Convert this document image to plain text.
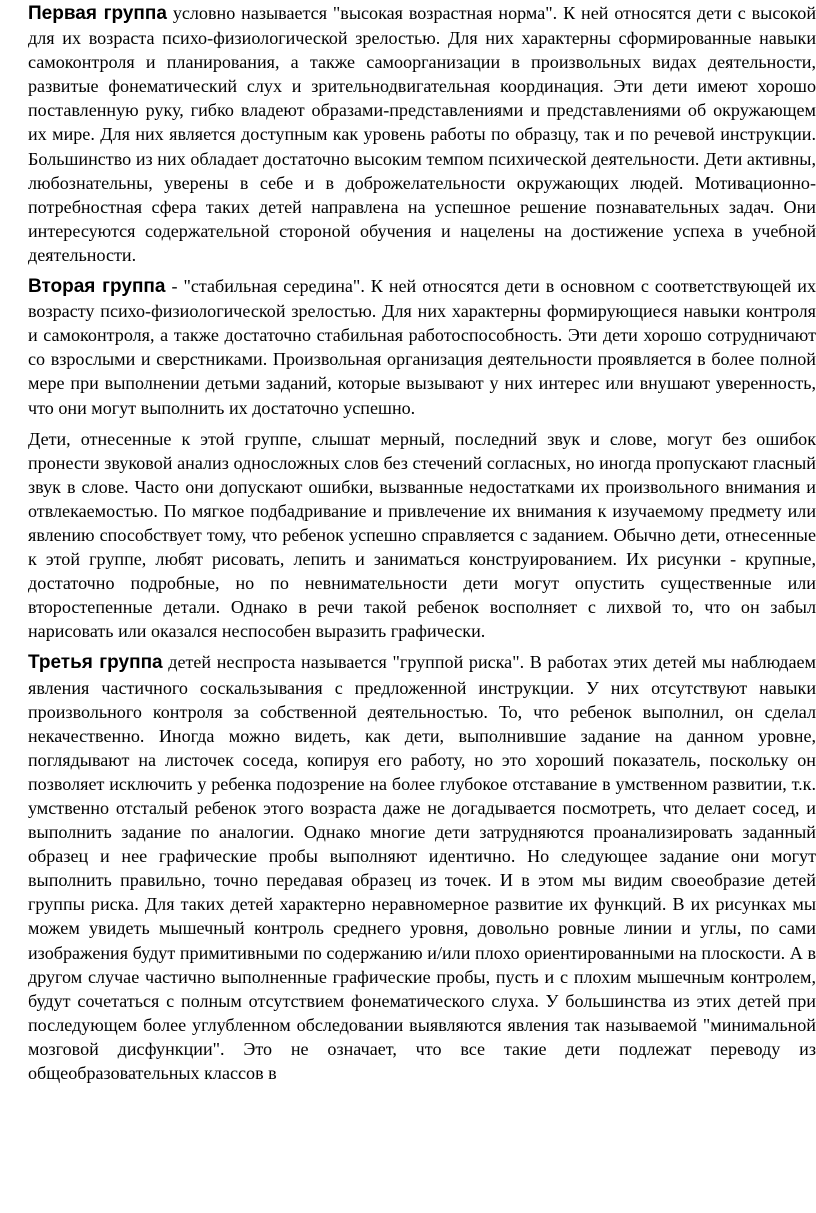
Первая группа условно называется "высокая возрастная норма". К ней относятся дети с высокой для их возраста психо-физиологической зрелостью. Для них характерны сформированные навыки самоконтроля и планирования, а также самоорганизации в произвольных видах деятельности, развитые фонематический слух и зрительнодвигательная координация. Эти дети имеют хорошо поставленную руку, гибко владеют образами-представлениями и представлениями об окружающем их мире. Для них является доступным как уровень работы по образцу, так и по речевой инструкции. Большинство из них обладает достаточно высоким темпом психической деятельности. Дети активны, любознательны, уверены в себе и в доброжелательности окружающих людей. Мотивационно-потребностная сфера таких детей направлена на успешное решение познавательных задач. Они интересуются содержательной стороной обучения и нацелены на достижение успеха в учебной деятельности.

Вторая группа - "стабильная середина". К ней относятся дети в основном с соответствующей их возрасту психо-физиологической зрелостью. Для них характерны формирующиеся навыки контроля и самоконтроля, а также достаточно стабильная работоспособность. Эти дети хорошо сотрудничают со взрослыми и сверстниками. Произвольная организация деятельности проявляется в более полной мере при выполнении детьми заданий, которые вызывают у них интерес или внушают уверенность, что они могут выполнить их достаточно успешно.

Дети, отнесенные к этой группе, слышат мерный, последний звук и слове, могут без ошибок пронести звуковой анализ односложных слов без стечений согласных, но иногда пропускают гласный звук в слове. Часто они допускают ошибки, вызванные недостатками их произвольного внимания и отвлекаемостью. По мягкое подбадривание и привлечение их внимания к изучаемому предмету или явлению способствует тому, что ребенок успешно справляется с заданием. Обычно дети, отнесенные к этой группе, любят рисовать, лепить и заниматься конструированием. Их рисунки - крупные, достаточно подробные, но по невнимательности дети могут опустить существенные или второстепенные детали. Однако в речи такой ребенок восполняет с лихвой то, что он забыл нарисовать или оказался неспособен выразить графически.

Третья группа детей неспроста называется "группой риска". В работах этих детей мы наблюдаем явления частичного соскальзывания с предложенной инструкции. У них отсутствуют навыки произвольного контроля за собственной деятельностью. То, что ребенок выполнил, он сделал некачественно. Иногда можно видеть, как дети, выполнившие задание на данном уровне, поглядывают на листочек соседа, копируя его работу, но это хороший показатель, поскольку он позволяет исключить у ребенка подозрение на более глубокое отставание в умственном развитии, т.к. умственно отсталый ребенок этого возраста даже не догадывается посмотреть, что делает сосед, и выполнить задание по аналогии. Однако многие дети затрудняются проанализировать заданный образец и нее графические пробы выполняют идентично. Но следующее задание они могут выполнить правильно, точно передавая образец из точек. И в этом мы видим своеобразие детей группы риска. Для таких детей характерно неравномерное развитие их функций. В их рисунках мы можем увидеть мышечный контроль среднего уровня, довольно ровные линии и углы, по сами изображения будут примитивными по содержанию и/или плохо ориентированными на плоскости. А в другом случае частично выполненные графические пробы, пусть и с плохим мышечным контролем, будут сочетаться с полным отсутствием фонематического слуха. У большинства из этих детей при последующем более углубленном обследовании выявляются явления так называемой "минимальной мозговой дисфункции". Это не означает, что все такие дети подлежат переводу из общеобразовательных классов в
